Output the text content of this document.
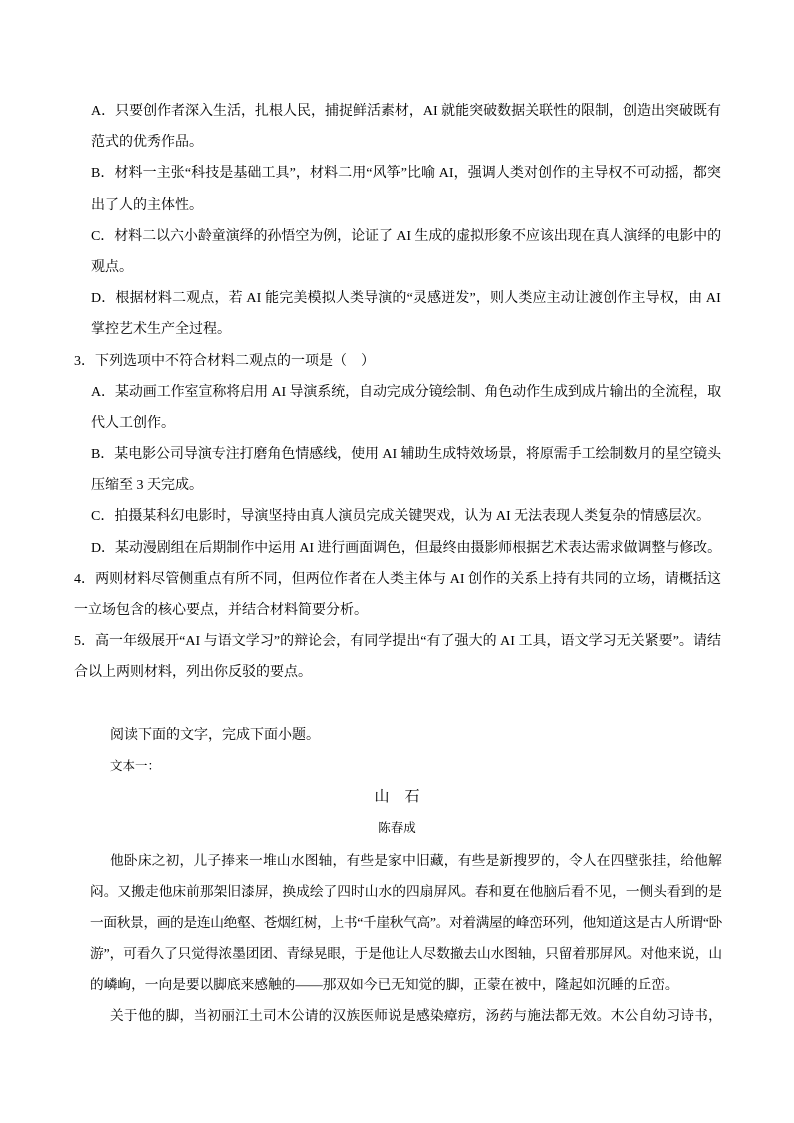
A．只要创作者深入生活，扎根人民，捕捉鲜活素材，AI 就能突破数据关联性的限制，创造出突破既有
范式的优秀作品。
B．材料一主张“科技是基础工具”，材料二用“风筝”比喻 AI，强调人类对创作的主导权不可动摇，都突
出了人的主体性。
C．材料二以六小龄童演绎的孙悟空为例，论证了 AI 生成的虚拟形象不应该出现在真人演绎的电影中的
观点。
D．根据材料二观点，若 AI 能完美模拟人类导演的“灵感迸发”，则人类应主动让渡创作主导权，由 AI
掌控艺术生产全过程。
3．下列选项中不符合材料二观点的一项是（　）
A．某动画工作室宣称将启用 AI 导演系统，自动完成分镜绘制、角色动作生成到成片输出的全流程，取
代人工创作。
B．某电影公司导演专注打磨角色情感线，使用 AI 辅助生成特效场景，将原需手工绘制数月的星空镜头
压缩至 3 天完成。
C．拍摄某科幻电影时，导演坚持由真人演员完成关键哭戏，认为 AI 无法表现人类复杂的情感层次。
D．某动漫剧组在后期制作中运用 AI 进行画面调色，但最终由摄影师根据艺术表达需求做调整与修改。
4．两则材料尽管侧重点有所不同，但两位作者在人类主体与 AI 创作的关系上持有共同的立场，请概括这
一立场包含的核心要点，并结合材料简要分析。
5．高一年级展开“AI 与语文学习”的辩论会，有同学提出“有了强大的 AI 工具，语文学习无关紧要”。请结
合以上两则材料，列出你反驳的要点。
阅读下面的文字，完成下面小题。
文本一：
山　石
陈春成
他卧床之初，儿子捧来一堆山水图轴，有些是家中旧藏，有些是新搜罗的，令人在四壁张挂，给他解
闷。又搬走他床前那架旧漆屏，换成绘了四时山水的四扇屏风。春和夏在他脑后看不见，一侧头看到的是
一面秋景，画的是连山绝壑、苍烟红树，上书“千崖秋气高”。对着满屋的峰峦环列，他知道这是古人所谓“卧
游”，可看久了只觉得浓墨团团、青绿晃眼，于是他让人尽数撤去山水图轴，只留着那屏风。对他来说，山
的嶙峋，一向是要以脚底来感触的——那双如今已无知觉的脚，正蒙在被中，隆起如沉睡的丘峦。
关于他的脚，当初丽江土司木公请的汉族医师说是感染瘴疠，汤药与施法都无效。木公自幼习诗书，
